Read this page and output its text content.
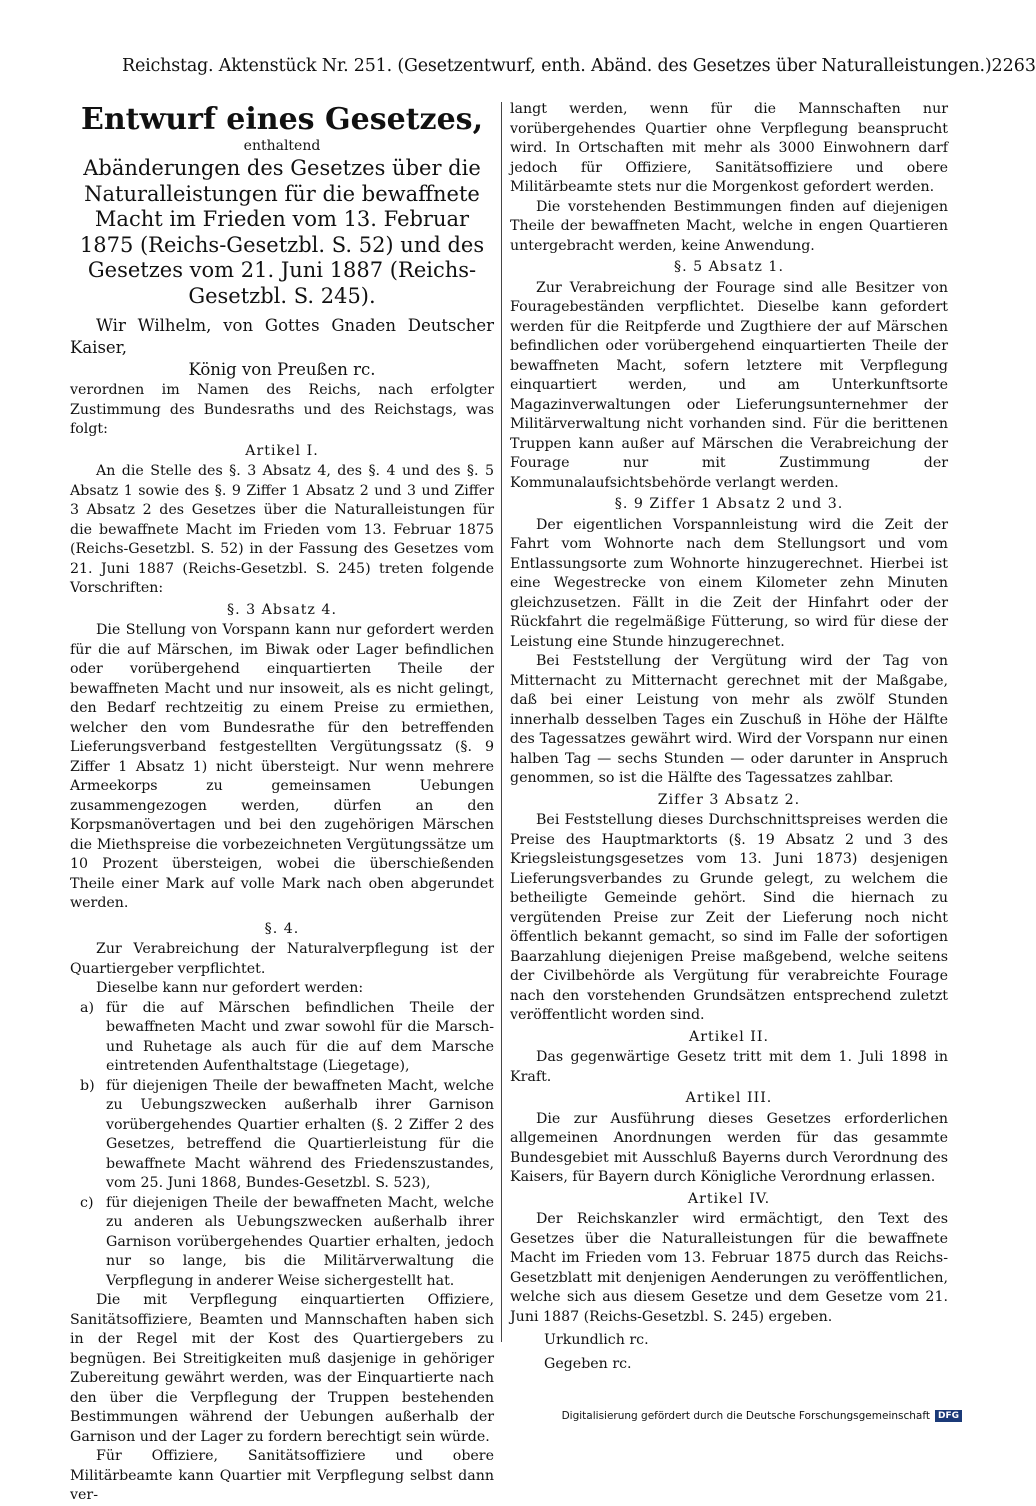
Reichstag. Aktenstück Nr. 251. (Gesetzentwurf, enth. Abänd. des Gesetzes über Naturalleistungen.) 2263
Entwurf eines Gesetzes,
enthaltend
Abänderungen des Gesetzes über die Naturalleistungen für die bewaffnete Macht im Frieden vom 13. Februar 1875 (Reichs-Gesetzbl. S. 52) und des Gesetzes vom 21. Juni 1887 (Reichs-Gesetzbl. S. 245).

Wir Wilhelm, von Gottes Gnaden Deutscher Kaiser,

König von Preußen rc.

verordnen im Namen des Reichs, nach erfolgter Zustimmung des Bundesraths und des Reichstags, was folgt:

Artikel I.

An die Stelle des §. 3 Absatz 4, des §. 4 und des §. 5 Absatz 1 sowie des §. 9 Ziffer 1 Absatz 2 und 3 und Ziffer 3 Absatz 2 des Gesetzes über die Naturalleistungen für die bewaffnete Macht im Frieden vom 13. Februar 1875 (Reichs-Gesetzbl. S. 52) in der Fassung des Gesetzes vom 21. Juni 1887 (Reichs-Gesetzbl. S. 245) treten folgende Vorschriften:

§. 3 Absatz 4.

Die Stellung von Vorspann kann nur gefordert werden für die auf Märschen, im Biwak oder Lager befindlichen oder vorübergehend einquartierten Theile der bewaffneten Macht und nur insoweit, als es nicht gelingt, den Bedarf rechtzeitig zu einem Preise zu ermiethen, welcher den vom Bundesrathe für den betreffenden Lieferungsverband festgestellten Vergütungssatz (§. 9 Ziffer 1 Absatz 1) nicht übersteigt. Nur wenn mehrere Armeekorps zu gemeinsamen Uebungen zusammengezogen werden, dürfen an den Korpsmanövertagen und bei den zugehörigen Märschen die Miethspreise die vorbezeichneten Vergütungssätze um 10 Prozent übersteigen, wobei die überschießenden Theile einer Mark auf volle Mark nach oben abgerundet werden.

§. 4.

Zur Verabreichung der Naturalverpflegung ist der Quartiergeber verpflichtet.

Dieselbe kann nur gefordert werden:

a) für die auf Märschen befindlichen Theile der bewaffneten Macht und zwar sowohl für die Marsch- und Ruhetage als auch für die auf dem Marsche eintretenden Aufenthaltstage (Liegetage),
b) für diejenigen Theile der bewaffneten Macht, welche zu Uebungszwecken außerhalb ihrer Garnison vorübergehendes Quartier erhalten (§. 2 Ziffer 2 des Gesetzes, betreffend die Quartierleistung für die bewaffnete Macht während des Friedenszustandes, vom 25. Juni 1868, Bundes-Gesetzbl. S. 523),
c) für diejenigen Theile der bewaffneten Macht, welche zu anderen als Uebungszwecken außerhalb ihrer Garnison vorübergehendes Quartier erhalten, jedoch nur so lange, bis die Militärverwaltung die Verpflegung in anderer Weise sichergestellt hat.

Die mit Verpflegung einquartierten Offiziere, Sanitätsoffiziere, Beamten und Mannschaften haben sich in der Regel mit der Kost des Quartiergebers zu begnügen. Bei Streitigkeiten muß dasjenige in gehöriger Zubereitung gewährt werden, was der Einquartierte nach den über die Verpflegung der Truppen bestehenden Bestimmungen während der Uebungen außerhalb der Garnison und der Lager zu fordern berechtigt sein würde.

Für Offiziere, Sanitätsoffiziere und obere Militärbeamte kann Quartier mit Verpflegung selbst dann ver-

langt werden, wenn für die Mannschaften nur vorübergehendes Quartier ohne Verpflegung beansprucht wird. In Ortschaften mit mehr als 3000 Einwohnern darf jedoch für Offiziere, Sanitätsoffiziere und obere Militärbeamte stets nur die Morgenkost gefordert werden.

Die vorstehenden Bestimmungen finden auf diejenigen Theile der bewaffneten Macht, welche in engen Quartieren untergebracht werden, keine Anwendung.

§. 5 Absatz 1.

Zur Verabreichung der Fourage sind alle Besitzer von Fouragebeständen verpflichtet. Dieselbe kann gefordert werden für die Reitpferde und Zugthiere der auf Märschen befindlichen oder vorübergehend einquartierten Theile der bewaffneten Macht, sofern letztere mit Verpflegung einquartiert werden, und am Unterkunftsorte Magazinverwaltungen oder Lieferungsunternehmer der Militärverwaltung nicht vorhanden sind. Für die berittenen Truppen kann außer auf Märschen die Verabreichung der Fourage nur mit Zustimmung der Kommunalaufsichtsbehörde verlangt werden.

§. 9 Ziffer 1 Absatz 2 und 3.

Der eigentlichen Vorspannleistung wird die Zeit der Fahrt vom Wohnorte nach dem Stellungsort und vom Entlassungsorte zum Wohnorte hinzugerechnet. Hierbei ist eine Wegestrecke von einem Kilometer zehn Minuten gleichzusetzen. Fällt in die Zeit der Hinfahrt oder der Rückfahrt die regelmäßige Fütterung, so wird für diese der Leistung eine Stunde hinzugerechnet.

Bei Feststellung der Vergütung wird der Tag von Mitternacht zu Mitternacht gerechnet mit der Maßgabe, daß bei einer Leistung von mehr als zwölf Stunden innerhalb desselben Tages ein Zuschuß in Höhe der Hälfte des Tagessatzes gewährt wird. Wird der Vorspann nur einen halben Tag — sechs Stunden — oder darunter in Anspruch genommen, so ist die Hälfte des Tagessatzes zahlbar.

Ziffer 3 Absatz 2.

Bei Feststellung dieses Durchschnittspreises werden die Preise des Hauptmarktorts (§. 19 Absatz 2 und 3 des Kriegsleistungsgesetzes vom 13. Juni 1873) desjenigen Lieferungsverbandes zu Grunde gelegt, zu welchem die betheiligte Gemeinde gehört. Sind die hiernach zu vergütenden Preise zur Zeit der Lieferung noch nicht öffentlich bekannt gemacht, so sind im Falle der sofortigen Baarzahlung diejenigen Preise maßgebend, welche seitens der Civilbehörde als Vergütung für verabreichte Fourage nach den vorstehenden Grundsätzen entsprechend zuletzt veröffentlicht worden sind.

Artikel II.

Das gegenwärtige Gesetz tritt mit dem 1. Juli 1898 in Kraft.

Artikel III.

Die zur Ausführung dieses Gesetzes erforderlichen allgemeinen Anordnungen werden für das gesammte Bundesgebiet mit Ausschluß Bayerns durch Verordnung des Kaisers, für Bayern durch Königliche Verordnung erlassen.

Artikel IV.

Der Reichskanzler wird ermächtigt, den Text des Gesetzes über die Naturalleistungen für die bewaffnete Macht im Frieden vom 13. Februar 1875 durch das Reichs-Gesetzblatt mit denjenigen Aenderungen zu veröffentlichen, welche sich aus diesem Gesetze und dem Gesetze vom 21. Juni 1887 (Reichs-Gesetzbl. S. 245) ergeben.

Urkundlich rc.

Gegeben rc.

Digitalisierung gefördert durch die Deutsche Forschungsgemeinschaft DFG
